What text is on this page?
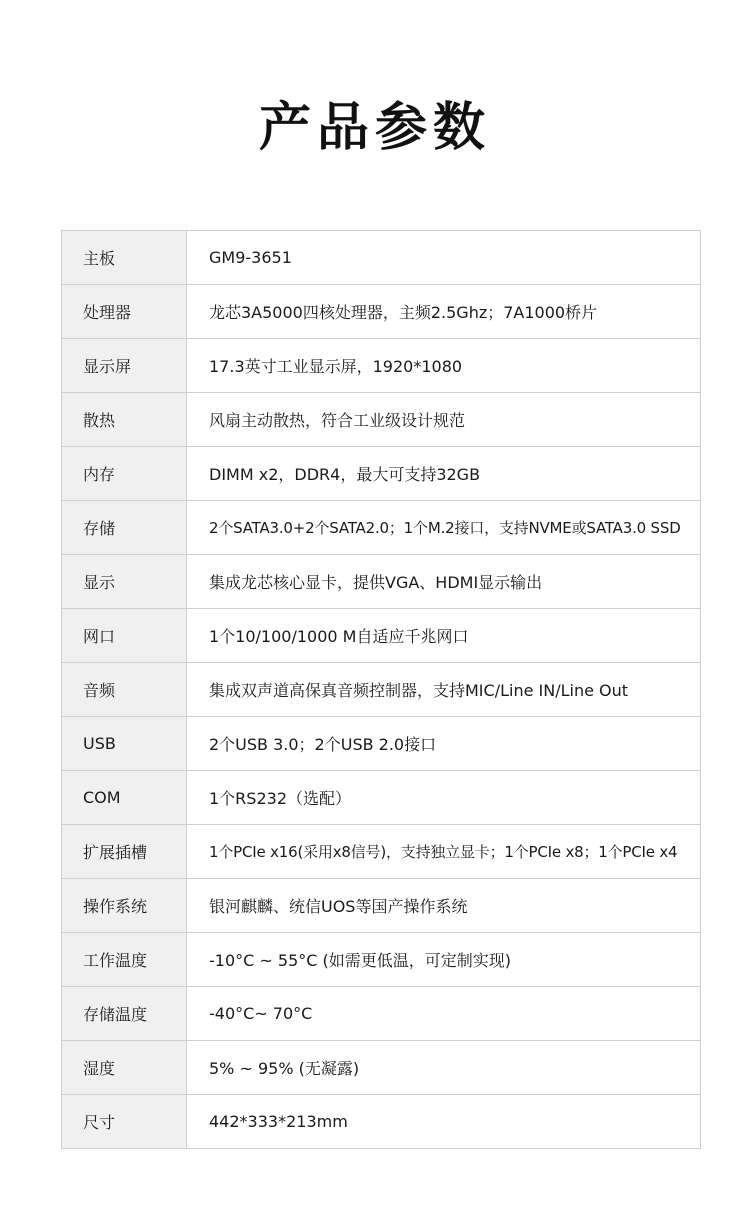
产品参数
主板	GM9-3651
处理器	龙芯3A5000四核处理器，主频2.5Ghz；7A1000桥片
显示屏	17.3英寸工业显示屏，1920*1080
散热	风扇主动散热，符合工业级设计规范
内存	DIMM x2，DDR4，最大可支持32GB
存储	2个SATA3.0+2个SATA2.0；1个M.2接口，支持NVME或SATA3.0 SSD
显示	集成龙芯核心显卡，提供VGA、HDMI显示输出
网口	1个10/100/1000 M自适应千兆网口
音频	集成双声道高保真音频控制器，支持MIC/Line IN/Line Out
USB	2个USB 3.0；2个USB 2.0接口
COM	1个RS232（选配）
扩展插槽	1个PCIe x16(采用x8信号)，支持独立显卡；1个PCIe x8；1个PCIe x4
操作系统	银河麒麟、统信UOS等国产操作系统
工作温度	-10°C ~ 55°C (如需更低温，可定制实现)
存储温度	-40°C~ 70°C
湿度	5% ~ 95% (无凝露)
尺寸	442*333*213mm
